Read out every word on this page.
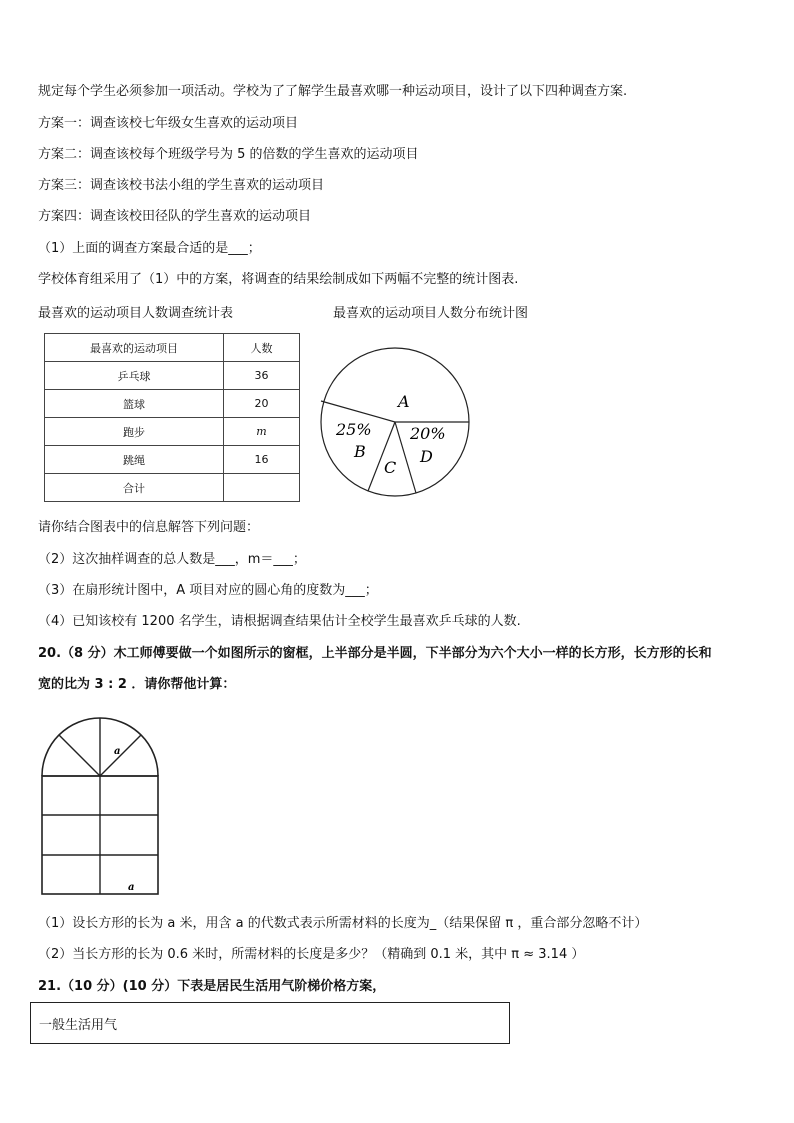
规定每个学生必须参加一项活动。学校为了了解学生最喜欢哪一种运动项目，设计了以下四种调查方案.
方案一：调查该校七年级女生喜欢的运动项目
方案二：调查该校每个班级学号为 5 的倍数的学生喜欢的运动项目
方案三：调查该校书法小组的学生喜欢的运动项目
方案四：调查该校田径队的学生喜欢的运动项目
（1）上面的调查方案最合适的是___；
学校体育组采用了（1）中的方案，将调查的结果绘制成如下两幅不完整的统计图表.
最喜欢的运动项目人数调查统计表	最喜欢的运动项目人数分布统计图
最喜欢的运动项目	人数
乒乓球	36
篮球	20
跑步	m
跳绳	16
合计	
A
25%
B
C
20%
D
请你结合图表中的信息解答下列问题：
（2）这次抽样调查的总人数是___，m＝___；
（3）在扇形统计图中，A 项目对应的圆心角的度数为___；
（4）已知该校有 1200 名学生，请根据调查结果估计全校学生最喜欢乒乓球的人数.
20.（8 分）木工师傅要做一个如图所示的窗框，上半部分是半圆，下半部分为六个大小一样的长方形，长方形的长和
宽的比为 3 : 2 ．请你帮他计算：
a
a
（1）设长方形的长为 a 米，用含 a 的代数式表示所需材料的长度为_（结果保留 π ，重合部分忽略不计）
（2）当长方形的长为 0.6 米时，所需材料的长度是多少？（精确到 0.1 米，其中 π ≈ 3.14 ）
21.（10 分）(10 分）下表是居民生活用气阶梯价格方案，
一般生活用气
